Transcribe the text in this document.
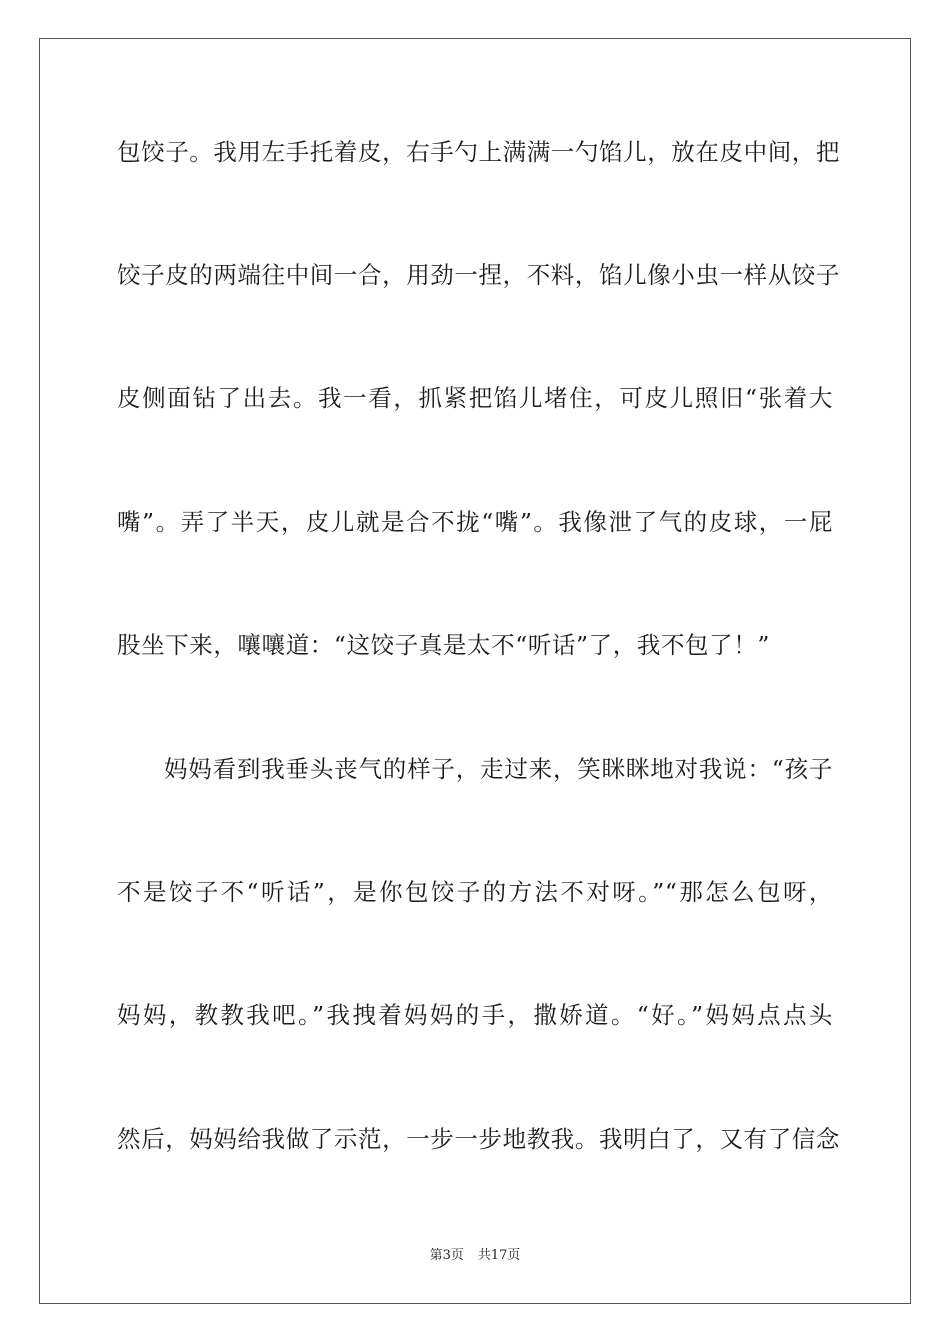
包饺子。我用左手托着皮，右手勺上满满一勺馅儿，放在皮中间，把
饺子皮的两端往中间一合，用劲一捏，不料，馅儿像小虫一样从饺子
皮侧面钻了出去。我一看，抓紧把馅儿堵住，可皮儿照旧“张着大
嘴”。弄了半天，皮儿就是合不拢“嘴”。我像泄了气的皮球，一屁
股坐下来，嚷嚷道：“这饺子真是太不“听话”了，我不包了！”
妈妈看到我垂头丧气的样子，走过来，笑眯眯地对我说：“孩子
不是饺子不“听话”，是你包饺子的方法不对呀。”“那怎么包呀，
妈妈，教教我吧。”我拽着妈妈的手，撒娇道。“好。”妈妈点点头
然后，妈妈给我做了示范，一步一步地教我。我明白了，又有了信念
第3页 共17页
